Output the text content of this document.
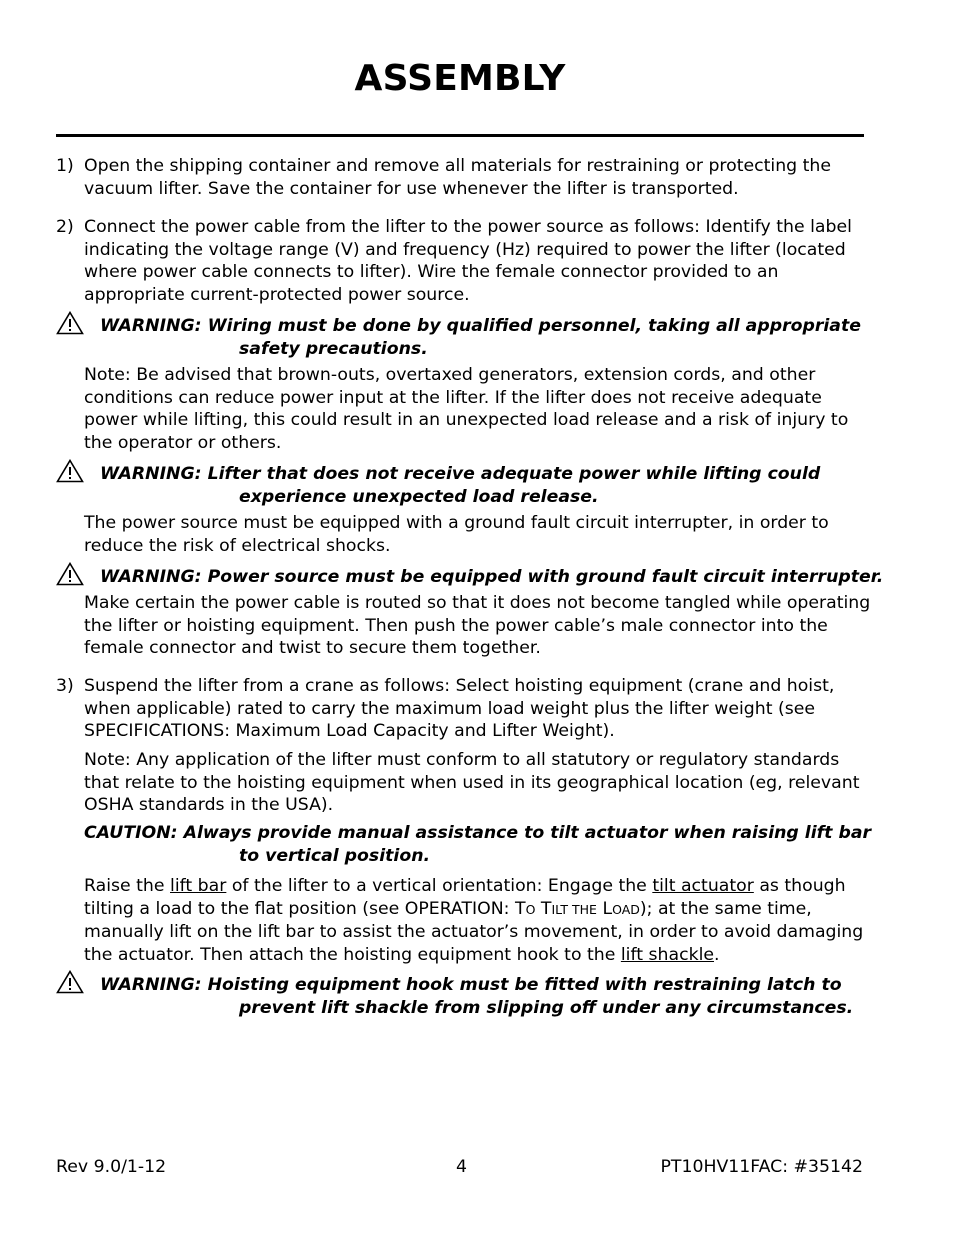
ASSEMBLY
1) Open the shipping container and remove all materials for restraining or protecting the vacuum lifter. Save the container for use whenever the lifter is transported.
2) Connect the power cable from the lifter to the power source as follows: Identify the label indicating the voltage range (V) and frequency (Hz) required to power the lifter (located where power cable connects to lifter). Wire the female connector provided to an appropriate current-protected power source.
WARNING: Wiring must be done by qualified personnel, taking all appropriate
safety precautions.
Note: Be advised that brown-outs, overtaxed generators, extension cords, and other conditions can reduce power input at the lifter. If the lifter does not receive adequate power while lifting, this could result in an unexpected load release and a risk of injury to the operator or others.
WARNING: Lifter that does not receive adequate power while lifting could
experience unexpected load release.
The power source must be equipped with a ground fault circuit interrupter, in order to reduce the risk of electrical shocks.
WARNING: Power source must be equipped with ground fault circuit interrupter.
Make certain the power cable is routed so that it does not become tangled while operating the lifter or hoisting equipment. Then push the power cable’s male connector into the female connector and twist to secure them together.
3) Suspend the lifter from a crane as follows: Select hoisting equipment (crane and hoist, when applicable) rated to carry the maximum load weight plus the lifter weight (see SPECIFICATIONS: Maximum Load Capacity and Lifter Weight).
Note: Any application of the lifter must conform to all statutory or regulatory standards that relate to the hoisting equipment when used in its geographical location (eg, relevant OSHA standards in the USA).
CAUTION: Always provide manual assistance to tilt actuator when raising lift bar
to vertical position.
Raise the lift bar of the lifter to a vertical orientation: Engage the tilt actuator as though tilting a load to the flat position (see OPERATION: TO TILT THE LOAD); at the same time, manually lift on the lift bar to assist the actuator’s movement, in order to avoid damaging the actuator. Then attach the hoisting equipment hook to the lift shackle.
WARNING: Hoisting equipment hook must be fitted with restraining latch to
prevent lift shackle from slipping off under any circumstances.
Rev 9.0/1-12	4	PT10HV11FAC: #35142
